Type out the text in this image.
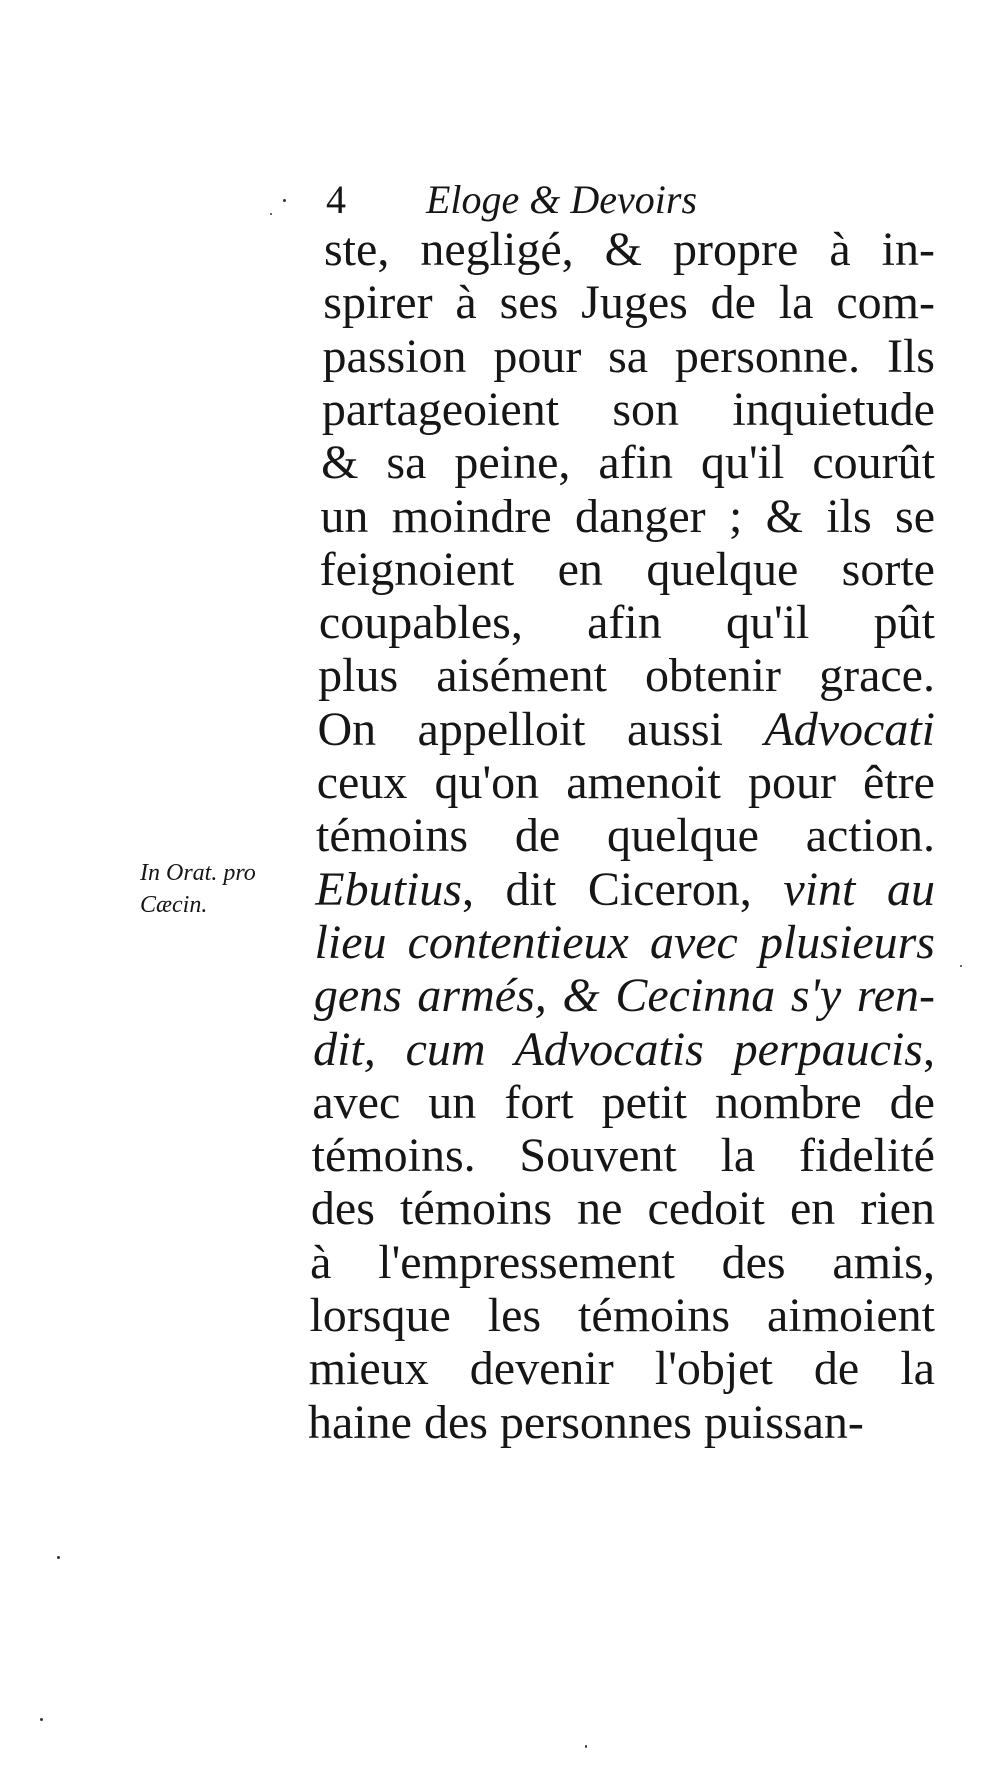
4 Eloge & Devoirs
In Orat. pro
Cæcin.
ste, negligé, & propre à in-
spirer à ses Juges de la com-
passion pour sa personne. Ils
partageoient son inquietude
& sa peine, afin qu'il courût
un moindre danger ; & ils se
feignoient en quelque sorte
coupables, afin qu'il pût
plus aisément obtenir grace.
On appelloit aussi Advocati
ceux qu'on amenoit pour être
témoins de quelque action.
Ebutius, dit Ciceron, vint au
lieu contentieux avec plusieurs
gens armés, & Cecinna s'y ren-
dit, cum Advocatis perpaucis,
avec un fort petit nombre de
témoins. Souvent la fidelité
des témoins ne cedoit en rien
à l'empressement des amis,
lorsque les témoins aimoient
mieux devenir l'objet de la
haine des personnes puissan-
